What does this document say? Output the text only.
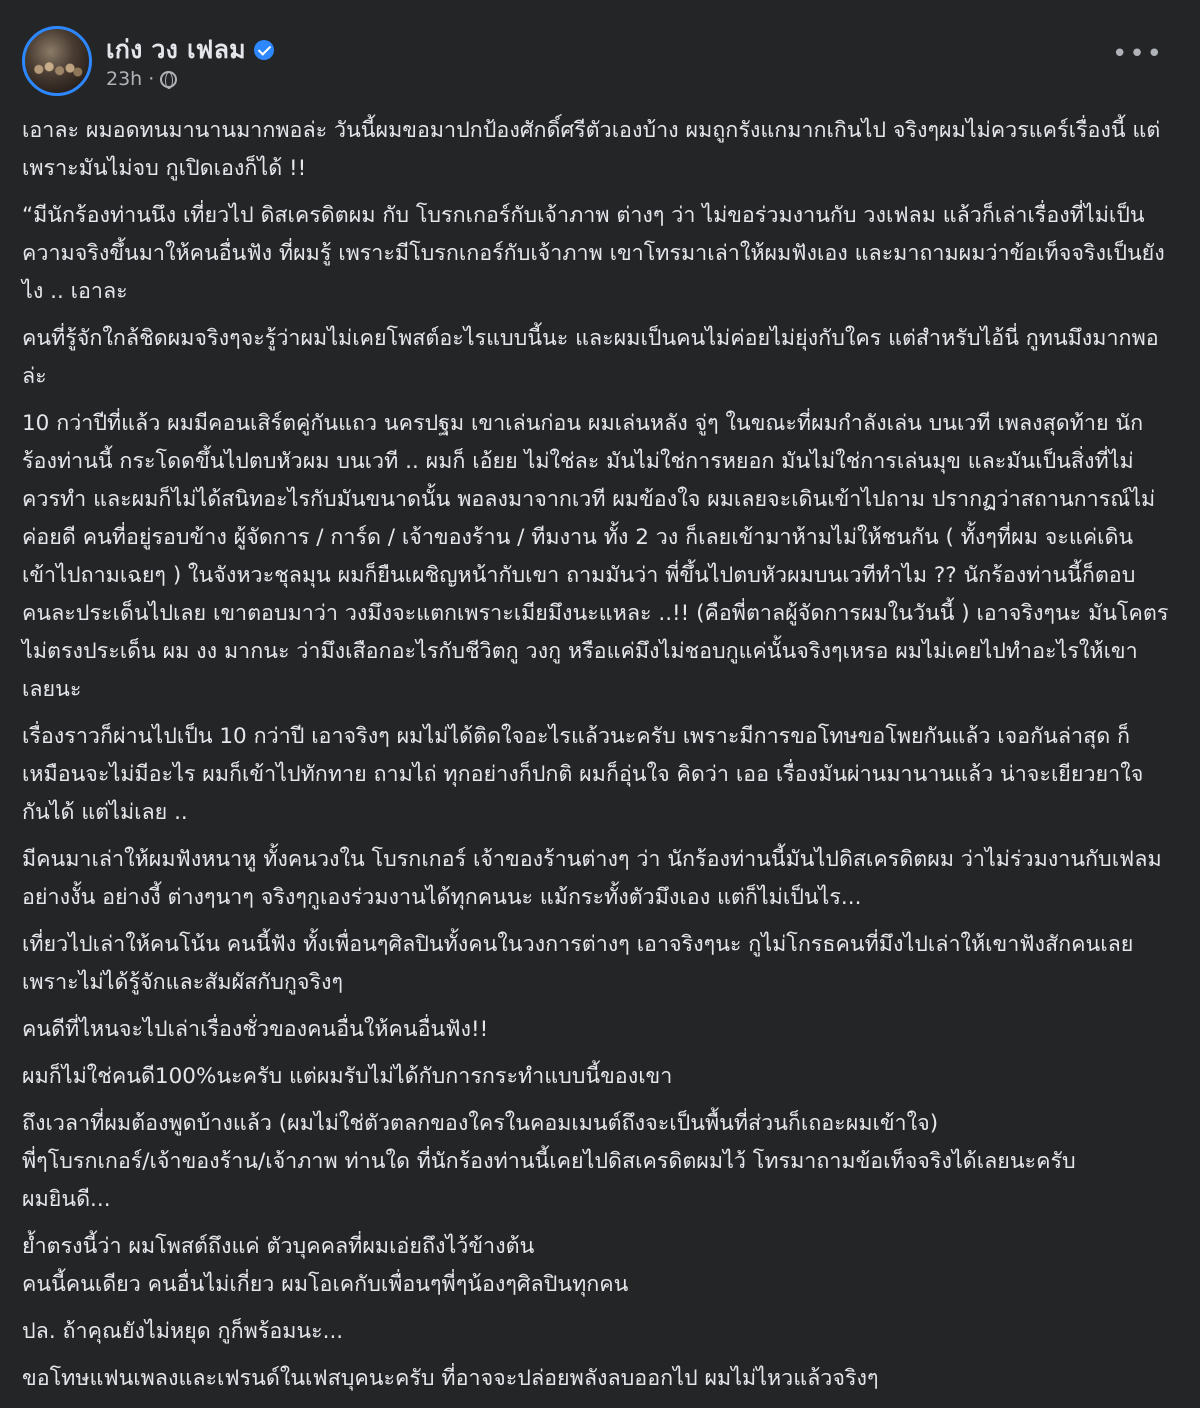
เก่ง วง เฟลม
23h ·
•••
เอาละ ผมอดทนมานานมากพอล่ะ วันนี้ผมขอมาปกป้องศักดิ์ศรีตัวเองบ้าง ผมถูกรังแกมากเกินไป จริงๆผมไม่ควรแคร์เรื่องนี้ แต่เพราะมันไม่จบ กูเปิดเองก็ได้ !!
“มีนักร้องท่านนึง เที่ยวไป ดิสเครดิตผม กับ โบรกเกอร์กับเจ้าภาพ ต่างๆ ว่า ไม่ขอร่วมงานกับ วงเฟลม แล้วก็เล่าเรื่องที่ไม่เป็นความจริงขึ้นมาให้คนอื่นฟัง ที่ผมรู้ เพราะมีโบรกเกอร์กับเจ้าภาพ เขาโทรมาเล่าให้ผมฟังเอง และมาถามผมว่าข้อเท็จจริงเป็นยังไง .. เอาละ
คนที่รู้จักใกล้ชิดผมจริงๆจะรู้ว่าผมไม่เคยโพสต์อะไรแบบนี้นะ และผมเป็นคนไม่ค่อยไม่ยุ่งกับใคร แต่สำหรับไอ้นี่ กูทนมึงมากพอล่ะ
10 กว่าปีที่แล้ว ผมมีคอนเสิร์ตคู่กันแถว นครปฐม เขาเล่นก่อน ผมเล่นหลัง จู่ๆ ในขณะที่ผมกำลังเล่น บนเวที เพลงสุดท้าย นักร้องท่านนี้ กระโดดขึ้นไปตบหัวผม บนเวที .. ผมก็ เอ้ยย ไม่ใช่ละ มันไม่ใช่การหยอก มันไม่ใช่การเล่นมุข และมันเป็นสิ่งที่ไม่ควรทำ และผมก็ไม่ได้สนิทอะไรกับมันขนาดนั้น พอลงมาจากเวที ผมข้องใจ ผมเลยจะเดินเข้าไปถาม ปรากฏว่าสถานการณ์ไม่ค่อยดี คนที่อยู่รอบข้าง ผู้จัดการ / การ์ด / เจ้าของร้าน / ทีมงาน ทั้ง 2 วง ก็เลยเข้ามาห้ามไม่ให้ชนกัน ( ทั้งๆที่ผม จะแค่เดินเข้าไปถามเฉยๆ ) ในจังหวะชุลมุน ผมก็ยืนเผชิญหน้ากับเขา ถามมันว่า พี่ขึ้นไปตบหัวผมบนเวทีทำไม ?? นักร้องท่านนี้ก็ตอบคนละประเด็นไปเลย เขาตอบมาว่า วงมึงจะแตกเพราะเมียมึงนะแหละ ..!! (คือพี่ตาลผู้จัดการผมในวันนี้ ) เอาจริงๆนะ มันโคตรไม่ตรงประเด็น ผม งง มากนะ ว่ามึงเสือกอะไรกับชีวิตกู วงกู หรือแค่มึงไม่ชอบกูแค่นั้นจริงๆเหรอ ผมไม่เคยไปทำอะไรให้เขาเลยนะ
เรื่องราวก็ผ่านไปเป็น 10 กว่าปี เอาจริงๆ ผมไม่ได้ติดใจอะไรแล้วนะครับ เพราะมีการขอโทษขอโพยกันแล้ว เจอกันล่าสุด ก็เหมือนจะไม่มีอะไร ผมก็เข้าไปทักทาย ถามไถ่ ทุกอย่างก็ปกติ ผมก็อุ่นใจ คิดว่า เออ เรื่องมันผ่านมานานแล้ว น่าจะเยียวยาใจกันได้ แต่ไม่เลย ..
มีคนมาเล่าให้ผมฟังหนาหู ทั้งคนวงใน โบรกเกอร์ เจ้าของร้านต่างๆ ว่า นักร้องท่านนี้มันไปดิสเครดิตผม ว่าไม่ร่วมงานกับเฟลม อย่างงั้น อย่างงี้ ต่างๆนาๆ จริงๆกูเองร่วมงานได้ทุกคนนะ แม้กระทั้งตัวมึงเอง แต่ก็ไม่เป็นไร...
เที่ยวไปเล่าให้คนโน้น คนนี้ฟัง ทั้งเพื่อนๆศิลปินทั้งคนในวงการต่างๆ เอาจริงๆนะ กูไม่โกรธคนที่มึงไปเล่าให้เขาฟังสักคนเลย เพราะไม่ได้รู้จักและสัมผัสกับกูจริงๆ
คนดีที่ไหนจะไปเล่าเรื่องชั่วของคนอื่นให้คนอื่นฟัง!!
ผมก็ไม่ใช่คนดี100%นะครับ แต่ผมรับไม่ได้กับการกระทำแบบนี้ของเขา
ถึงเวลาที่ผมต้องพูดบ้างแล้ว (ผมไม่ใช่ตัวตลกของใครในคอมเมนต์ถึงจะเป็นพื้นที่ส่วนก็เถอะผมเข้าใจ)
พี่ๆโบรกเกอร์/เจ้าของร้าน/เจ้าภาพ ท่านใด ที่นักร้องท่านนี้เคยไปดิสเครดิตผมไว้ โทรมาถามข้อเท็จจริงได้เลยนะครับ
ผมยินดี...
ย้ำตรงนี้ว่า ผมโพสต์ถึงแค่ ตัวบุคคลที่ผมเอ่ยถึงไว้ข้างต้น
คนนี้คนเดียว คนอื่นไม่เกี่ยว ผมโอเคกับเพื่อนๆพี่ๆน้องๆศิลปินทุกคน
ปล. ถ้าคุณยังไม่หยุด กูก็พร้อมนะ...
ขอโทษแฟนเพลงและเฟรนด์ในเฟสบุคนะครับ ที่อาจจะปล่อยพลังลบออกไป ผมไม่ไหวแล้วจริงๆ
